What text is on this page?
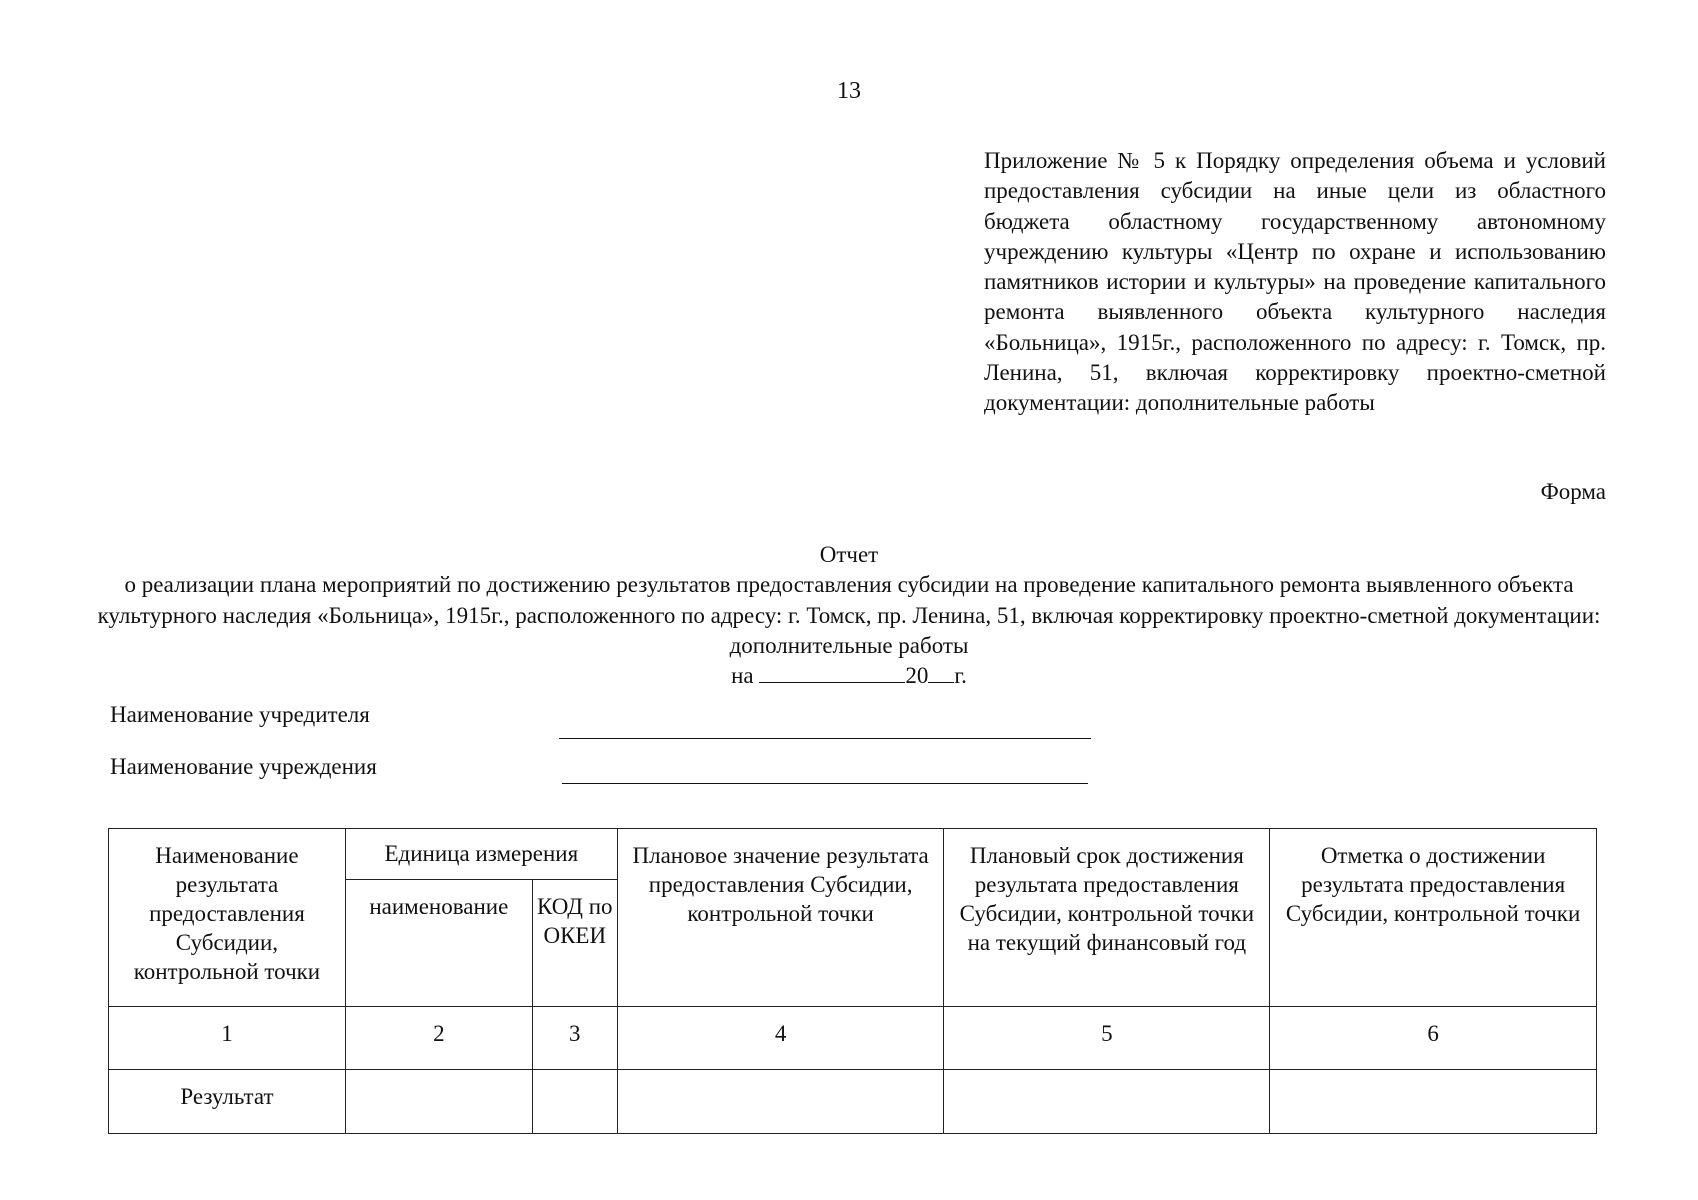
13
Приложение № 5 к Порядку определения объема и условий предоставления субсидии на иные цели из областного бюджета областному государственному автономному учреждению культуры «Центр по охране и использованию памятников истории и культуры» на проведение капитального ремонта выявленного объекта культурного наследия «Больница», 1915г., расположенного по адресу: г. Томск, пр. Ленина, 51, включая корректировку проектно-сметной документации: дополнительные работы
Форма
Отчет
о реализации плана мероприятий по достижению результатов предоставления субсидии на проведение капитального ремонта выявленного объекта культурного наследия «Больница», 1915г., расположенного по адресу: г. Томск, пр. Ленина, 51, включая корректировку проектно-сметной документации: дополнительные работы
на	20 г.
Наименование учредителя
Наименование учреждения
Наименование результата предоставления Субсидии, контрольной точки	Единица измерения		Плановое значение результата предоставления Субсидии, контрольной точки	Плановый срок достижения результата предоставления Субсидии, контрольной точки на текущий финансовый год	Отметка о достижении результата предоставления Субсидии, контрольной точки
	наименование	КОД по ОКЕИ			
1	2	3	4	5	6
Результат					
